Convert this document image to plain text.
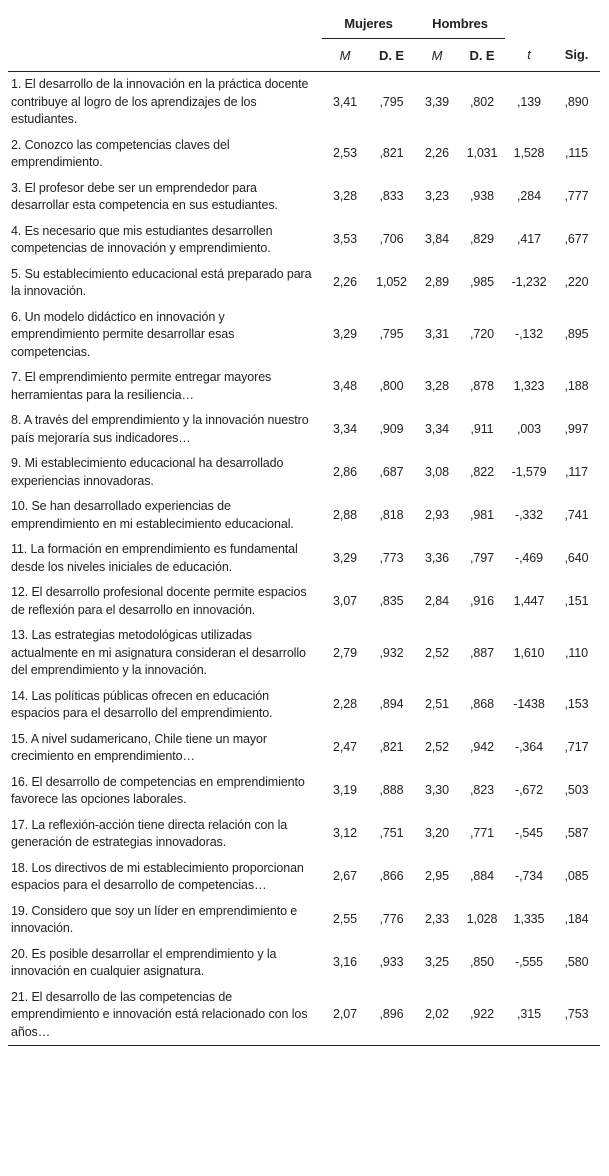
	Mujeres		Hombres			
	M	D. E	M	D. E	t	Sig.
1. El desarrollo de la innovación en la práctica docente contribuye al logro de los aprendizajes de los estudiantes.	3,41	,795	3,39	,802	,139	,890
2. Conozco las competencias claves del emprendimiento.	2,53	,821	2,26	1,031	1,528	,115
3. El profesor debe ser un emprendedor para desarrollar esta competencia en sus estudiantes.	3,28	,833	3,23	,938	,284	,777
4. Es necesario que mis estudiantes desarrollen competencias de innovación y emprendimiento.	3,53	,706	3,84	,829	,417	,677
5. Su establecimiento educacional está preparado para la innovación.	2,26	1,052	2,89	,985	-1,232	,220
6. Un modelo didáctico en innovación y emprendimiento permite desarrollar esas competencias.	3,29	,795	3,31	,720	-,132	,895
7. El emprendimiento permite entregar mayores herramientas para la resiliencia…	3,48	,800	3,28	,878	1,323	,188
8. A través del emprendimiento y la innovación nuestro país mejoraría sus indicadores…	3,34	,909	3,34	,911	,003	,997
9. Mi establecimiento educacional ha desarrollado experiencias innovadoras.	2,86	,687	3,08	,822	-1,579	,117
10. Se han desarrollado experiencias de emprendimiento en mi establecimiento educacional.	2,88	,818	2,93	,981	-,332	,741
11. La formación en emprendimiento es fundamental desde los niveles iniciales de educación.	3,29	,773	3,36	,797	-,469	,640
12. El desarrollo profesional docente permite espacios de reflexión para el desarrollo en innovación.	3,07	,835	2,84	,916	1,447	,151
13. Las estrategias metodológicas utilizadas actualmente en mi asignatura consideran el desarrollo del emprendimiento y la innovación.	2,79	,932	2,52	,887	1,610	,110
14. Las políticas públicas ofrecen en educación espacios para el desarrollo del emprendimiento.	2,28	,894	2,51	,868	-1438	,153
15. A nivel sudamericano, Chile tiene un mayor crecimiento en emprendimiento…	2,47	,821	2,52	,942	-,364	,717
16. El desarrollo de competencias en emprendimiento favorece las opciones laborales.	3,19	,888	3,30	,823	-,672	,503
17. La reflexión-acción tiene directa relación con la generación de estrategias innovadoras.	3,12	,751	3,20	,771	-,545	,587
18. Los directivos de mi establecimiento proporcionan espacios para el desarrollo de competencias…	2,67	,866	2,95	,884	-,734	,085
19. Considero que soy un líder en emprendimiento e innovación.	2,55	,776	2,33	1,028	1,335	,184
20. Es posible desarrollar el emprendimiento y la innovación en cualquier asignatura.	3,16	,933	3,25	,850	-,555	,580
21. El desarrollo de las competencias de emprendimiento e innovación está relacionado con los años…	2,07	,896	2,02	,922	,315	,753
